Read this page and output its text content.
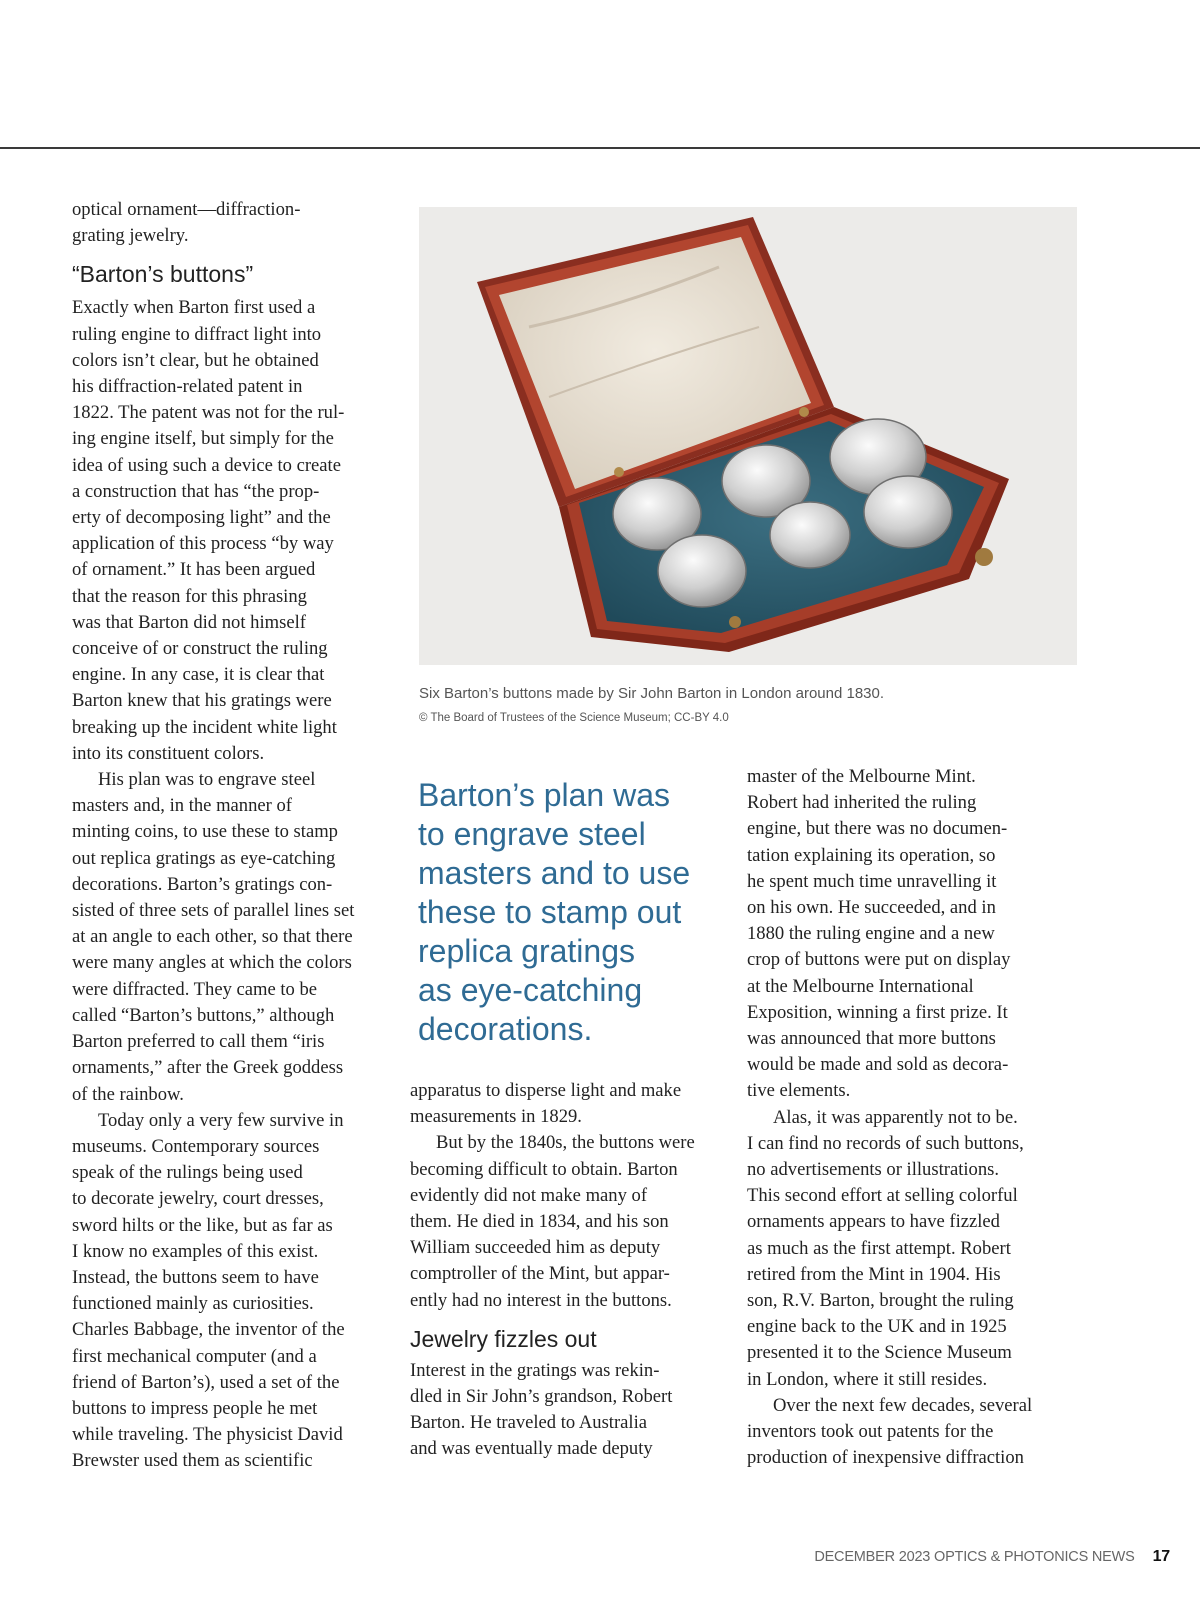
optical ornament—diffraction-
grating jewelry.

“Barton’s buttons”

Exactly when Barton first used a
ruling engine to diffract light into
colors isn’t clear, but he obtained
his diffraction-related patent in
1822. The patent was not for the rul-
ing engine itself, but simply for the
idea of using such a device to create
a construction that has “the prop-
erty of decomposing light” and the
application of this process “by way
of ornament.” It has been argued
that the reason for this phrasing
was that Barton did not himself
conceive of or construct the ruling
engine. In any case, it is clear that
Barton knew that his gratings were
breaking up the incident white light
into its constituent colors.

His plan was to engrave steel
masters and, in the manner of
minting coins, to use these to stamp
out replica gratings as eye-catching
decorations. Barton’s gratings con-
sisted of three sets of parallel lines set
at an angle to each other, so that there
were many angles at which the colors
were diffracted. They came to be
called “Barton’s buttons,” although
Barton preferred to call them “iris
ornaments,” after the Greek goddess
of the rainbow.

Today only a very few survive in
museums. Contemporary sources
speak of the rulings being used
to decorate jewelry, court dresses,
sword hilts or the like, but as far as
I know no examples of this exist.
Instead, the buttons seem to have
functioned mainly as curiosities.
Charles Babbage, the inventor of the
first mechanical computer (and a
friend of Barton’s), used a set of the
buttons to impress people he met
while traveling. The physicist David
Brewster used them as scientific

Six Barton’s buttons made by Sir John Barton in London around 1830.
© The Board of Trustees of the Science Museum; CC-BY 4.0
Barton’s plan was
to engrave steel
masters and to use
these to stamp out
replica gratings
as eye-catching
decorations.

apparatus to disperse light and make
measurements in 1829.

But by the 1840s, the buttons were
becoming difficult to obtain. Barton
evidently did not make many of
them. He died in 1834, and his son
William succeeded him as deputy
comptroller of the Mint, but appar-
ently had no interest in the buttons.

Jewelry fizzles out

Interest in the gratings was rekin-
dled in Sir John’s grandson, Robert
Barton. He traveled to Australia
and was eventually made deputy

master of the Melbourne Mint.
Robert had inherited the ruling
engine, but there was no documen-
tation explaining its operation, so
he spent much time unravelling it
on his own. He succeeded, and in
1880 the ruling engine and a new
crop of buttons were put on display
at the Melbourne International
Exposition, winning a first prize. It
was announced that more buttons
would be made and sold as decora-
tive elements.

Alas, it was apparently not to be.
I can find no records of such buttons,
no advertisements or illustrations.
This second effort at selling colorful
ornaments appears to have fizzled
as much as the first attempt. Robert
retired from the Mint in 1904. His
son, R.V. Barton, brought the ruling
engine back to the UK and in 1925
presented it to the Science Museum
in London, where it still resides.

Over the next few decades, several
inventors took out patents for the
production of inexpensive diffraction

DECEMBER 2023 OPTICS & PHOTONICS NEWS 17
